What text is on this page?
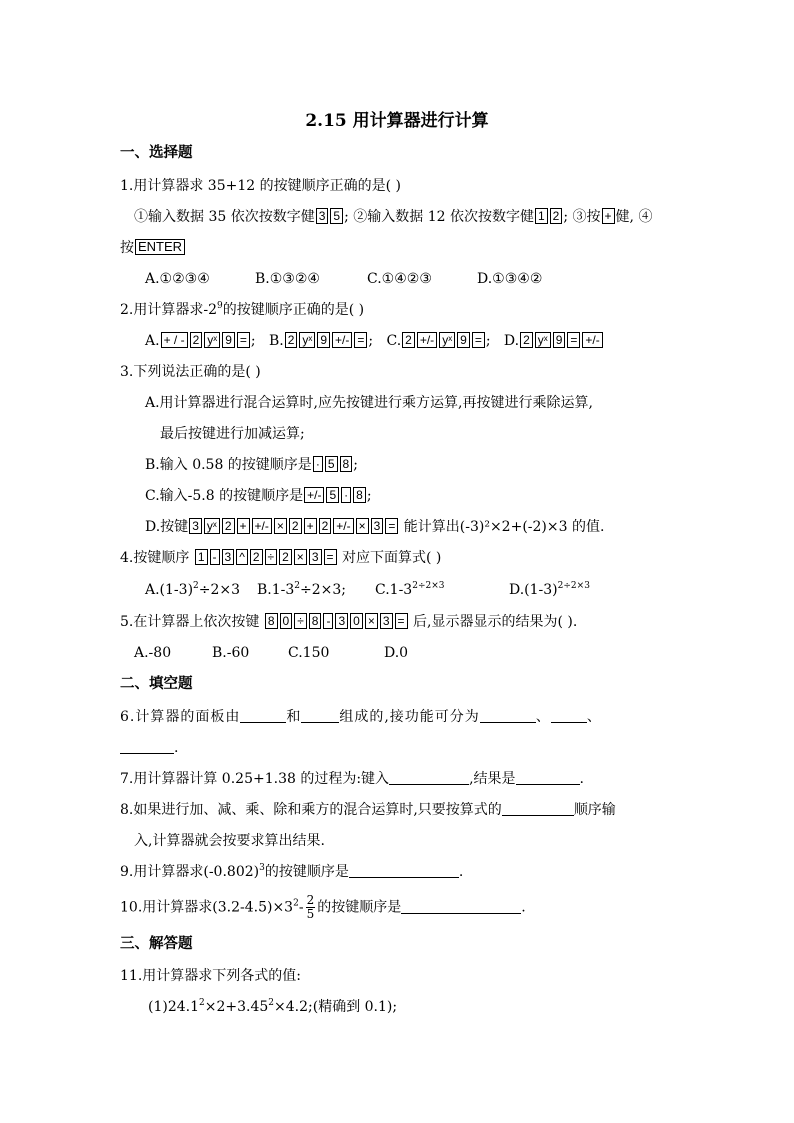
2.15 用计算器进行计算
一、选择题
1.用计算器求 35+12 的按键顺序正确的是( )
①输入数据 35 依次按数字健 3 5 ; ②输入数据 12 依次按数字健 1 2 ; ③按 + 健, ④
按 ENTER
A.①②③④	B.①③②④	C.①④②③	D.①③④②
2.用计算器求$-2^9$的按键顺序正确的是( )
A. + / - 2 yˣ 9 = ; B. 2 yˣ 9 +/- = ; C. 2 +/- yˣ 9 = ; D. 2 yˣ 9 = +/-
3.下列说法正确的是( )
A.用计算器进行混合运算时,应先按键进行乘方运算,再按键进行乘除运算,
最后按键进行加减运算;
B.输入 0.58 的按键顺序是 · 5 8 ;
C.输入-5.8 的按键顺序是 +/- 5 · 8 ;
D.按键 3 yˣ 2 + +/- × 2 + 2 +/- × 3 = 能计算出(-3)²×2+(-2)×3 的值.
4.按键顺序 1 - 3 ^ 2 ÷ 2 × 3 = 对应下面算式( )
$A.(1-3)^2\div 2\times 3$ $B.1-3^2\div 2\times 3$; $C.1-3^{2\div 2\times 3}$	$D.(1-3)^{2\div 2\times 3}$
5.在计算器上依次按键 8 0 ÷ 8 - 3 0 × 3 = 后,显示器显示的结果为( ).
A.-80	B.-60	C.150	D.0
二、填空题
6.计算器的面板由	和	组成的,接功能可分为	、	、
.
7.用计算器计算 0.25+1.38 的过程为:键入	,结果是	.
8.如果进行加、减、乘、除和乘方的混合运算时,只要按算式的	顺序输
入,计算器就会按要求算出结果.
9.用计算器求$(-0.802)^3$的按键顺序是	.
10.用计算器求$(3.2-4.5)\times 3^2- \frac{2}{5}$ 的按键顺序是	.
三、解答题
11.用计算器求下列各式的值:
$(1)24.1^2\times 2+3.45^2\times 4.2$;(精确到 0.1);
